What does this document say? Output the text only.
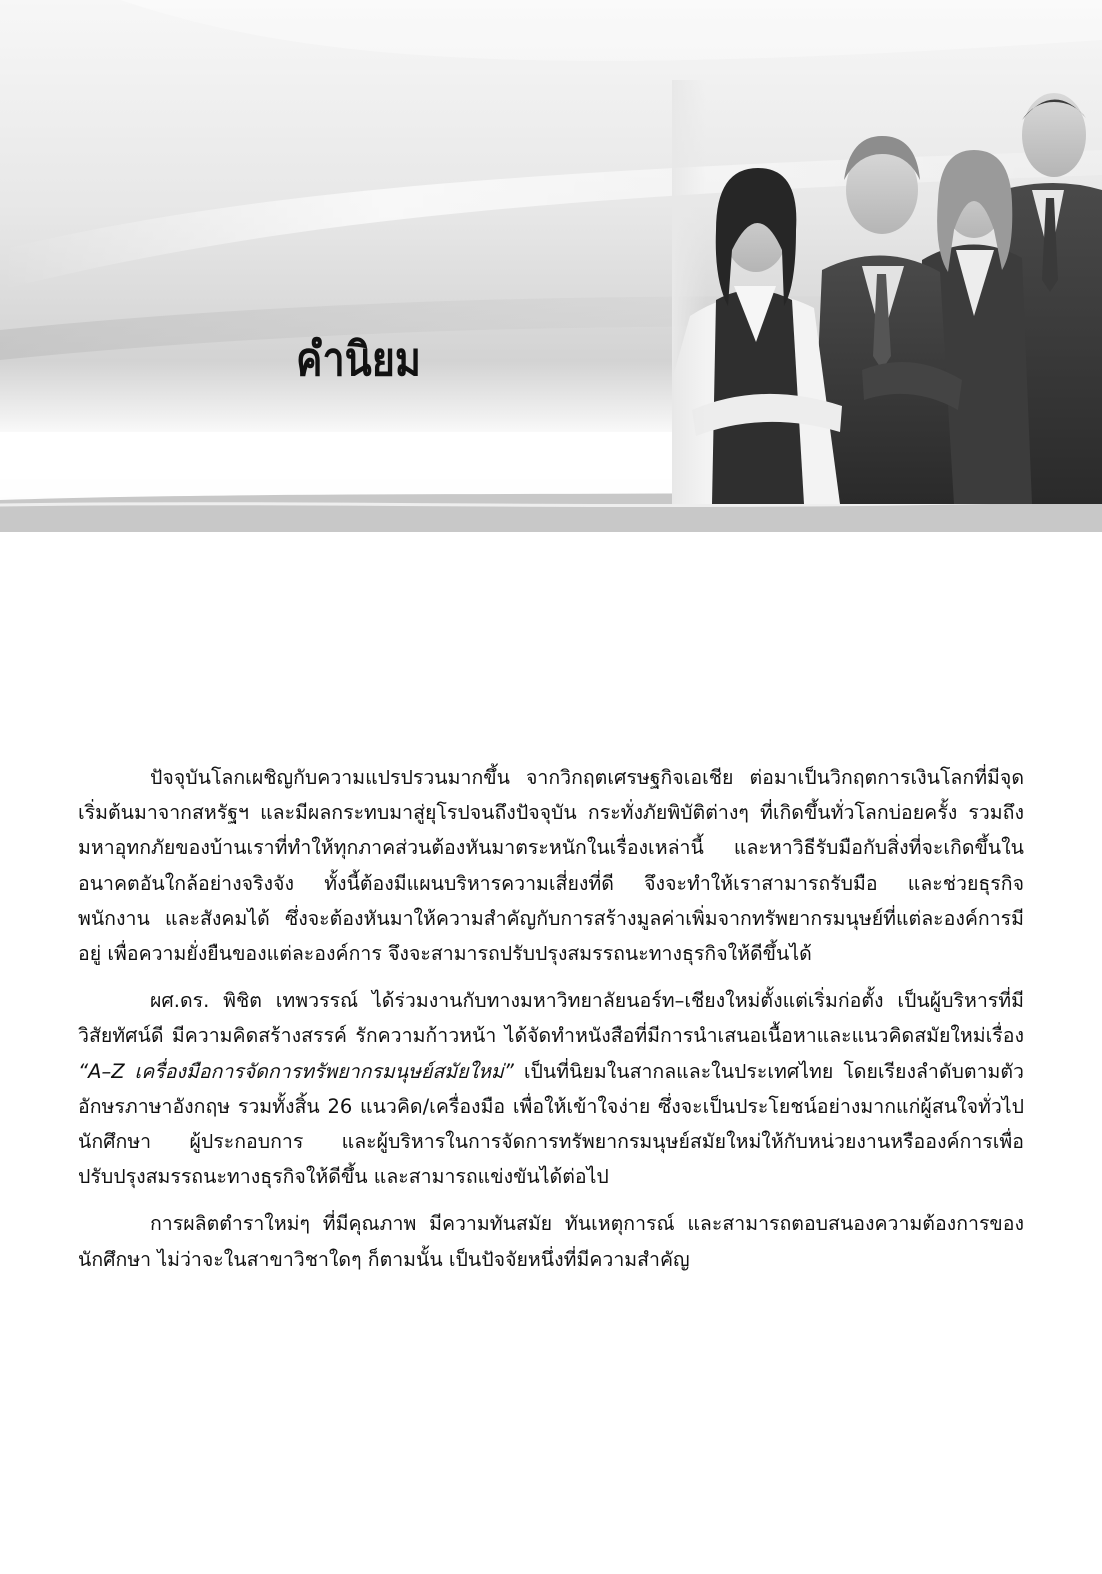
คำนิยม

ปัจจุบันโลกเผชิญกับความแปรปรวนมากขึ้น จากวิกฤตเศรษฐกิจเอเชีย ต่อมาเป็นวิกฤตการเงินโลกที่มีจุดเริ่มต้นมาจากสหรัฐฯ และมีผลกระทบมาสู่ยุโรปจนถึงปัจจุบัน กระทั่งภัยพิบัติต่างๆ ที่เกิดขึ้นทั่วโลกบ่อยครั้ง รวมถึงมหาอุทกภัยของบ้านเราที่ทำให้ทุกภาคส่วนต้องหันมาตระหนักในเรื่องเหล่านี้ และหาวิธีรับมือกับสิ่งที่จะเกิดขึ้นในอนาคตอันใกล้อย่างจริงจัง ทั้งนี้ต้องมีแผนบริหารความเสี่ยงที่ดี จึงจะทำให้เราสามารถรับมือ และช่วยธุรกิจ พนักงาน และสังคมได้ ซึ่งจะต้องหันมาให้ความสำคัญกับการสร้างมูลค่าเพิ่มจากทรัพยากรมนุษย์ที่แต่ละองค์การมีอยู่ เพื่อความยั่งยืนของแต่ละองค์การ จึงจะสามารถปรับปรุงสมรรถนะทางธุรกิจให้ดีขึ้นได้

ผศ.ดร. พิชิต เทพวรรณ์ ได้ร่วมงานกับทางมหาวิทยาลัยนอร์ท–เชียงใหม่ตั้งแต่เริ่มก่อตั้ง เป็นผู้บริหารที่มีวิสัยทัศน์ดี มีความคิดสร้างสรรค์ รักความก้าวหน้า ได้จัดทำหนังสือที่มีการนำเสนอเนื้อหาและแนวคิดสมัยใหม่เรื่อง “A–Z เครื่องมือการจัดการทรัพยากรมนุษย์สมัยใหม่” เป็นที่นิยมในสากลและในประเทศไทย โดยเรียงลำดับตามตัวอักษรภาษาอังกฤษ รวมทั้งสิ้น 26 แนวคิด/เครื่องมือ เพื่อให้เข้าใจง่าย ซึ่งจะเป็นประโยชน์อย่างมากแก่ผู้สนใจทั่วไป นักศึกษา ผู้ประกอบการ และผู้บริหารในการจัดการทรัพยากรมนุษย์สมัยใหม่ให้กับหน่วยงานหรือองค์การเพื่อปรับปรุงสมรรถนะทางธุรกิจให้ดีขึ้น และสามารถแข่งขันได้ต่อไป

การผลิตตำราใหม่ๆ ที่มีคุณภาพ มีความทันสมัย ทันเหตุการณ์ และสามารถตอบสนองความต้องการของนักศึกษา ไม่ว่าจะในสาขาวิชาใดๆ ก็ตามนั้น เป็นปัจจัยหนึ่งที่มีความสำคัญ
